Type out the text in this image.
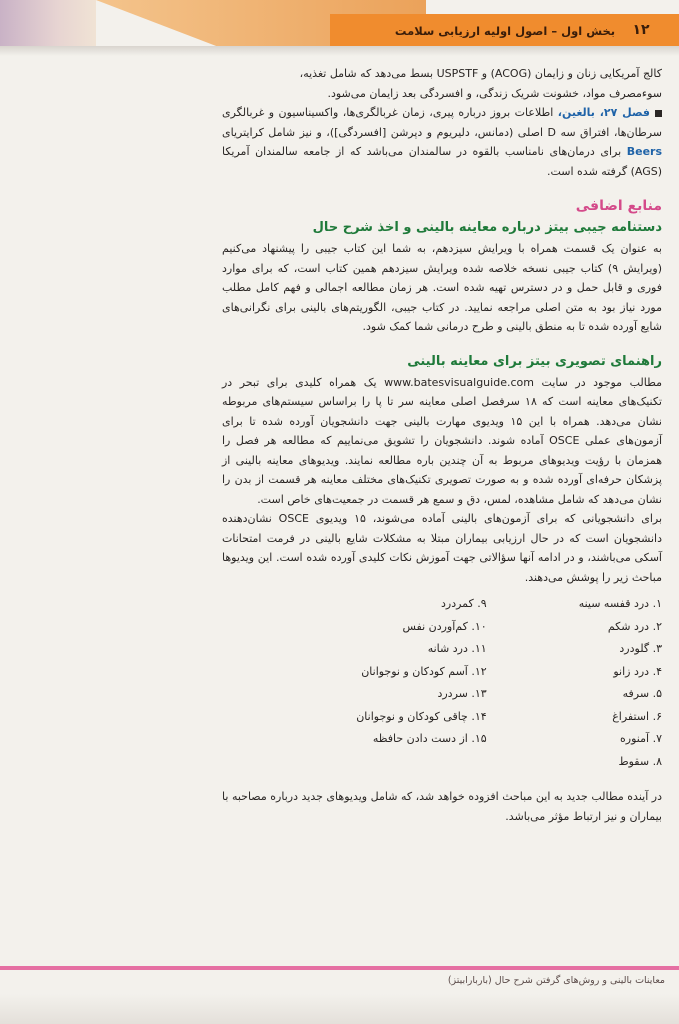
بخش اول – اصول اولیه ارزیابی سلامت	۱۲

کالج آمریکایی زنان و زایمان (ACOG) و USPSTF بسط می‌دهد که شامل تغذیه،
سوءمصرف مواد، خشونت شریک زندگی، و افسردگی بعد زایمان می‌شود.

فصل ۲۷، بالغین، اطلاعات بروز درباره پیری، زمان غربالگری‌ها، واکسیناسیون و غربالگری سرطان‌ها، افتراق سه D اصلی (دمانس، دلیریوم و دپرشن [افسردگی])، و نیز شامل کرایتریای Beers برای درمان‌های نامناسب بالقوه در سالمندان می‌باشد که از جامعه سالمندان آمریکا (AGS) گرفته شده است.

منابع اضافی
دستنامه جیبی بیتز درباره معاینه بالینی و اخذ شرح حال

به عنوان یک قسمت همراه با ویرایش سیزدهم، به شما این کتاب جیبی را پیشنهاد می‌کنیم (ویرایش ۹) کتاب جیبی نسخه خلاصه شده ویرایش سیزدهم همین کتاب است، که برای موارد فوری و قابل حمل و در دسترس تهیه شده است. هر زمان مطالعه اجمالی و فهم کامل مطلب مورد نیاز بود به متن اصلی مراجعه نمایید. در کتاب جیبی، الگوریتم‌های بالینی برای نگرانی‌های شایع آورده شده تا به منطق بالینی و طرح درمانی شما کمک شود.

راهنمای تصویری بیتز برای معاینه بالینی

مطالب موجود در سایت www.batesvisualguide.com یک همراه کلیدی برای تبحر در تکنیک‌های معاینه است که ۱۸ سرفصل اصلی معاینه سر تا پا را براساس سیستم‌های مربوطه نشان می‌دهد. همراه با این ۱۵ ویدیوی مهارت بالینی جهت دانشجویان آورده شده تا برای آزمون‌های عملی OSCE آماده شوند. دانشجویان را تشویق می‌نماییم که مطالعه هر فصل را همزمان با رؤیت ویدیوهای مربوط به آن چندین باره مطالعه نمایند. ویدیوهای معاینه بالینی از پزشکان حرفه‌ای آورده شده و به صورت تصویری تکنیک‌های مختلف معاینه هر قسمت از بدن را نشان می‌دهد که شامل مشاهده، لمس، دق و سمع هر قسمت در جمعیت‌های خاص است.

برای دانشجویانی که برای آزمون‌های بالینی آماده می‌شوند، ۱۵ ویدیوی OSCE نشان‌دهنده دانشجویان است که در حال ارزیابی بیماران مبتلا به مشکلات شایع بالینی در فرمت امتحانات آسکی می‌باشند، و در ادامه آنها سؤالاتی جهت آموزش نکات کلیدی آورده شده است. این ویدیوها مباحث زیر را پوشش می‌دهند.

۱. درد قفسه سینه
۲. درد شکم
۳. گلودرد
۴. درد زانو
۵. سرفه
۶. استفراغ
۷. آمنوره
۸. سقوط
۹. کمردرد
۱۰. کم‌آوردن نفس
۱۱. درد شانه
۱۲. آسم کودکان و نوجوانان
۱۳. سردرد
۱۴. چاقی کودکان و نوجوانان
۱۵. از دست دادن حافظه

در آینده مطالب جدید به این مباحث افزوده خواهد شد، که شامل ویدیوهای جدید درباره مصاحبه با بیماران و نیز ارتباط مؤثر می‌باشد.

معاینات بالینی و روش‌های گرفتن شرح حال (باربارابیتز)
